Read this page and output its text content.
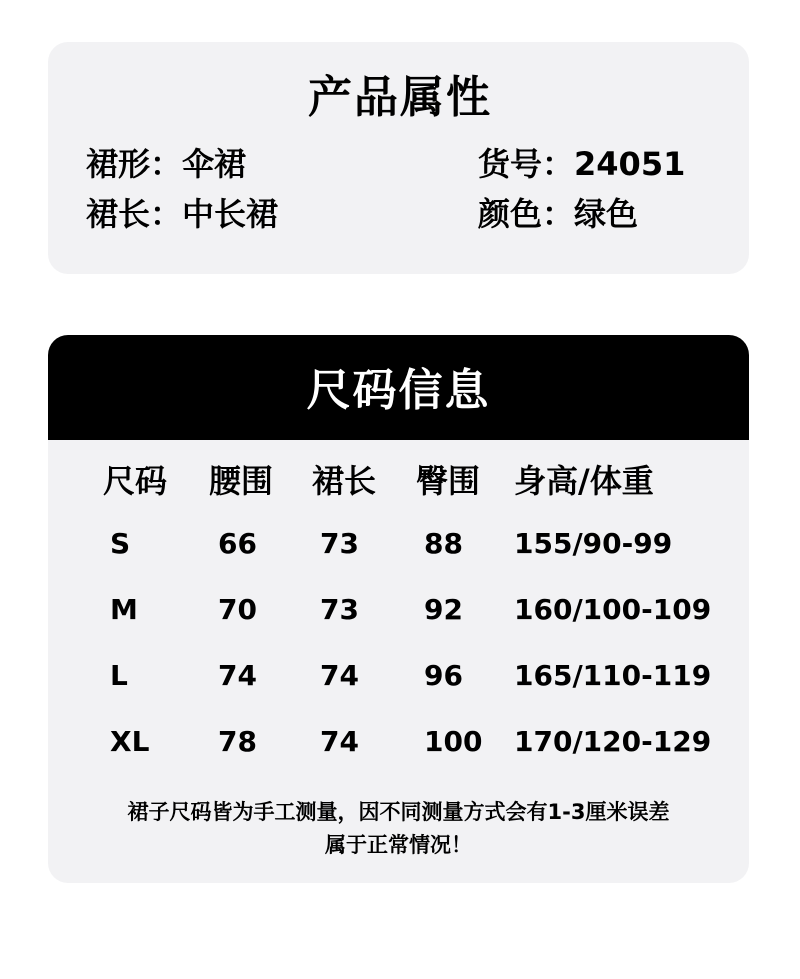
产品属性
裙形：伞裙	货号：24051
裙长：中长裙	颜色：绿色
尺码信息
尺码 腰围 裙长 臀围 身高/体重
S	66 73 88 155/90-99
M	70 73 92 160/100-109
L	74 74 96 165/110-119
XL 78 74 100 170/120-129
裙子尺码皆为手工测量，因不同测量方式会有1-3厘米误差
属于正常情况！
